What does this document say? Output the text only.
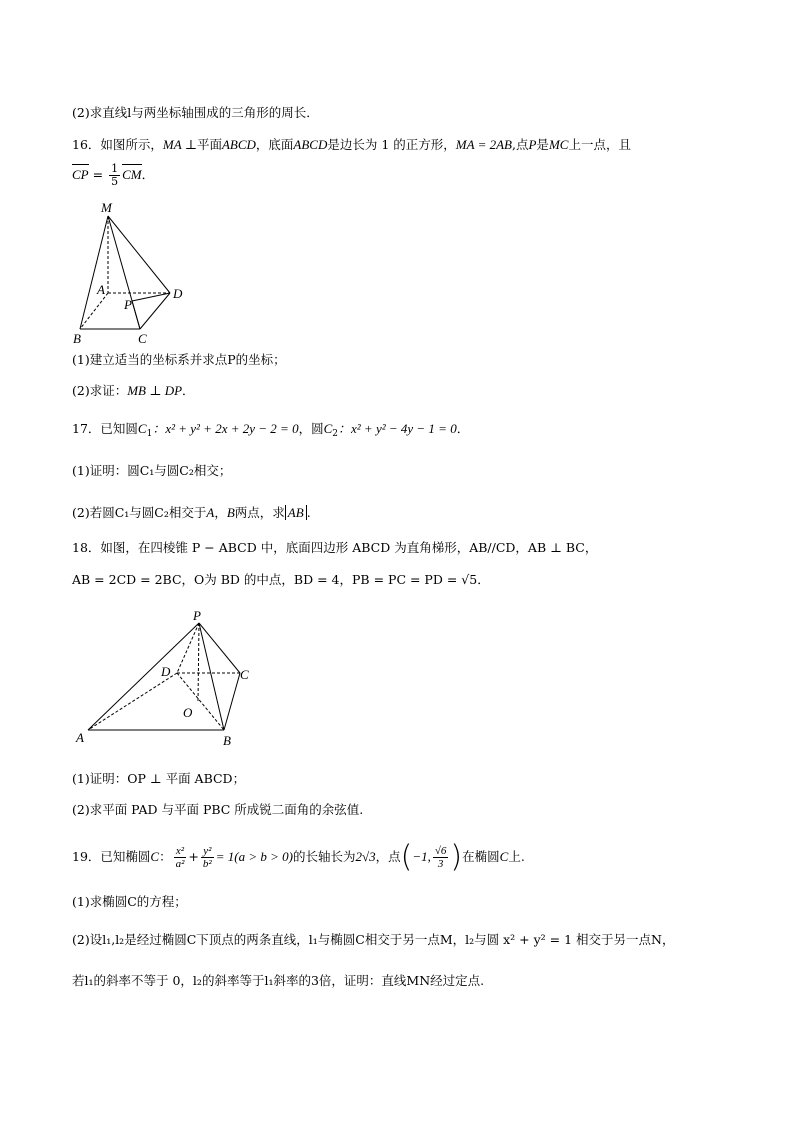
(2)求直线l与两坐标轴围成的三角形的周长．
16．如图所示，MA ⊥平面ABCD，底面ABCD是边长为 1 的正方形，MA = 2AB,点P是MC上一点，且
CP = $\frac{1}{5}$ CM．
M
A
P
D
B	C
(1)建立适当的坐标系并求点P的坐标；
(2)求证：MB ⊥ DP．
17．已知圆$C_1$：x² + y² + 2x + 2y − 2 = 0，圆$C_2$：x² + y² − 4y − 1 = 0．
(1)证明：圆C₁与圆C₂相交；
(2)若圆C₁与圆C₂相交于A，B两点，求 AB .
18．如图，在四棱锥 P − ABCD 中，底面四边形 ABCD 为直角梯形，AB//CD，AB ⊥ BC，
AB = 2CD = 2BC，O为 BD 的中点，BD = 4，PB = PC = PD = √5．
P
D	C
O
A	B
(1)证明：OP ⊥ 平面 ABCD；
(2)求平面 PAD 与平面 PBC 所成锐二面角的余弦值.
19．已知椭圆C： $\frac{\text{x²}}{\text{a²}} + \frac{\text{y²}}{\text{b²}} = 1(a > b > 0)$的长轴长为2√3，点(−1, $\frac{√6}{3}$ )在椭圆C上.
(1)求椭圆C的方程；
(2)设l₁,l₂是经过椭圆C下顶点的两条直线，l₁与椭圆C相交于另一点M，l₂与圆 x² + y² = 1 相交于另一点N，
若l₁的斜率不等于 0，l₂的斜率等于l₁斜率的3倍，证明：直线MN经过定点.
